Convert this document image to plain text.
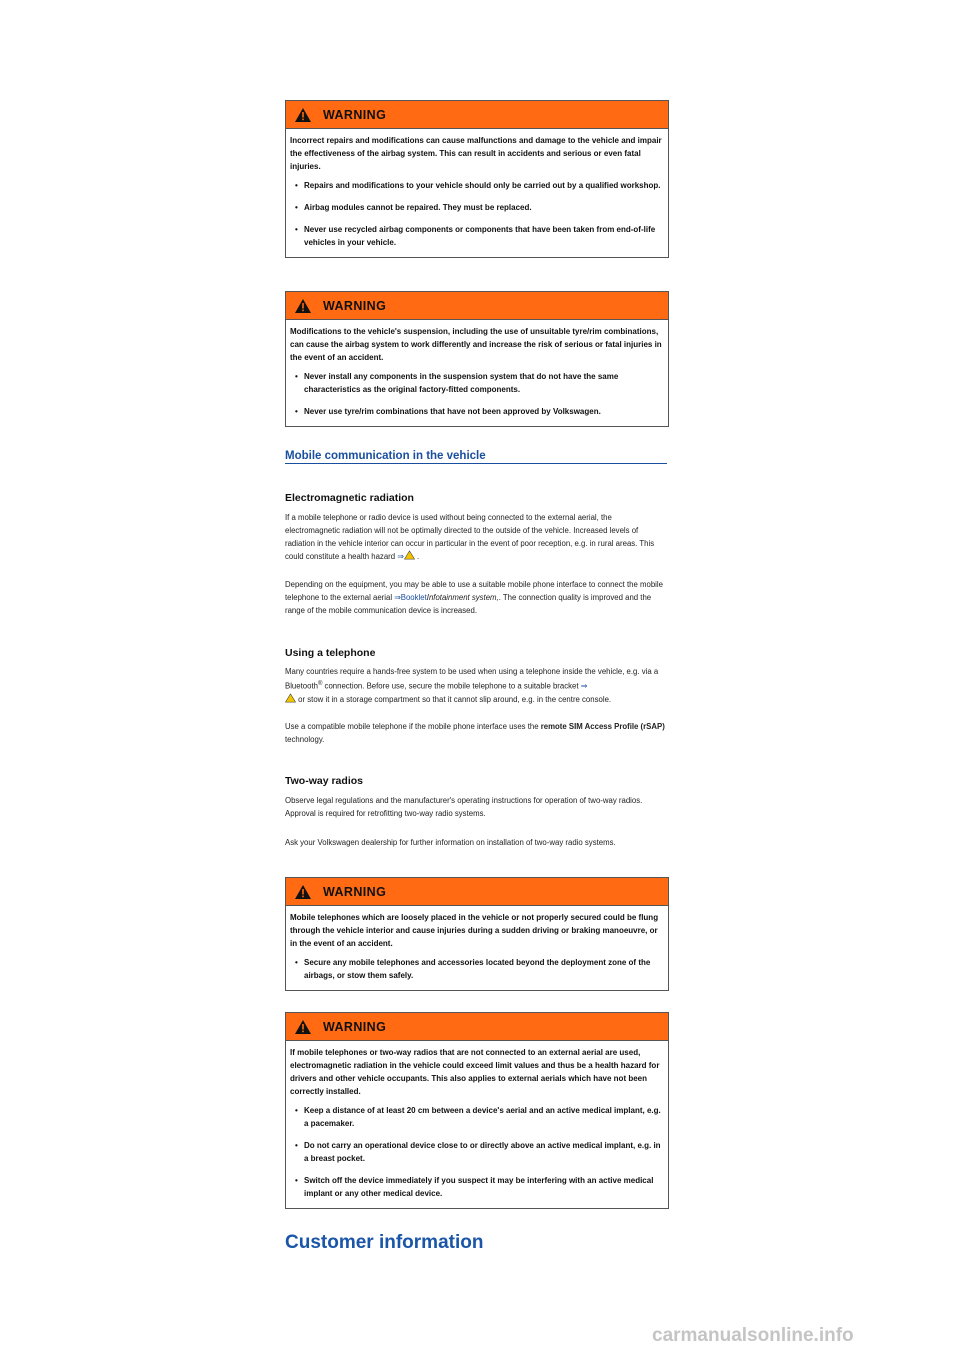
WARNING

Incorrect repairs and modifications can cause malfunctions and damage to the vehicle and impair the effectiveness of the airbag system. This can result in accidents and serious or even fatal injuries.

• Repairs and modifications to your vehicle should only be carried out by a qualified workshop.
• Airbag modules cannot be repaired. They must be replaced.
• Never use recycled airbag components or components that have been taken from end-of-life vehicles in your vehicle.
WARNING

Modifications to the vehicle's suspension, including the use of unsuitable tyre/rim combinations, can cause the airbag system to work differently and increase the risk of serious or fatal injuries in the event of an accident.

• Never install any components in the suspension system that do not have the same characteristics as the original factory-fitted components.
• Never use tyre/rim combinations that have not been approved by Volkswagen.
Mobile communication in the vehicle
Electromagnetic radiation
If a mobile telephone or radio device is used without being connected to the external aerial, the electromagnetic radiation will not be optimally directed to the outside of the vehicle. Increased levels of radiation in the vehicle interior can occur in particular in the event of poor reception, e.g. in rural areas. This could constitute a health hazard ⇒ .
Depending on the equipment, you may be able to use a suitable mobile phone interface to connect the mobile telephone to the external aerial ⇒BookletInfotainment system,. The connection quality is improved and the range of the mobile communication device is increased.
Using a telephone
Many countries require a hands-free system to be used when using a telephone inside the vehicle, e.g. via a Bluetooth® connection. Before use, secure the mobile telephone to a suitable bracket ⇒
or stow it in a storage compartment so that it cannot slip around, e.g. in the centre console.
Use a compatible mobile telephone if the mobile phone interface uses the remote SIM Access Profile (rSAP) technology.
Two-way radios
Observe legal regulations and the manufacturer's operating instructions for operation of two-way radios. Approval is required for retrofitting two-way radio systems.
Ask your Volkswagen dealership for further information on installation of two-way radio systems.
WARNING

Mobile telephones which are loosely placed in the vehicle or not properly secured could be flung through the vehicle interior and cause injuries during a sudden driving or braking manoeuvre, or in the event of an accident.

• Secure any mobile telephones and accessories located beyond the deployment zone of the airbags, or stow them safely.
WARNING

If mobile telephones or two-way radios that are not connected to an external aerial are used, electromagnetic radiation in the vehicle could exceed limit values and thus be a health hazard for drivers and other vehicle occupants. This also applies to external aerials which have not been correctly installed.

• Keep a distance of at least 20 cm between a device's aerial and an active medical implant, e.g. a pacemaker.
• Do not carry an operational device close to or directly above an active medical implant, e.g. in a breast pocket.
• Switch off the device immediately if you suspect it may be interfering with an active medical implant or any other medical device.
Customer information
carmanualsonline.info
